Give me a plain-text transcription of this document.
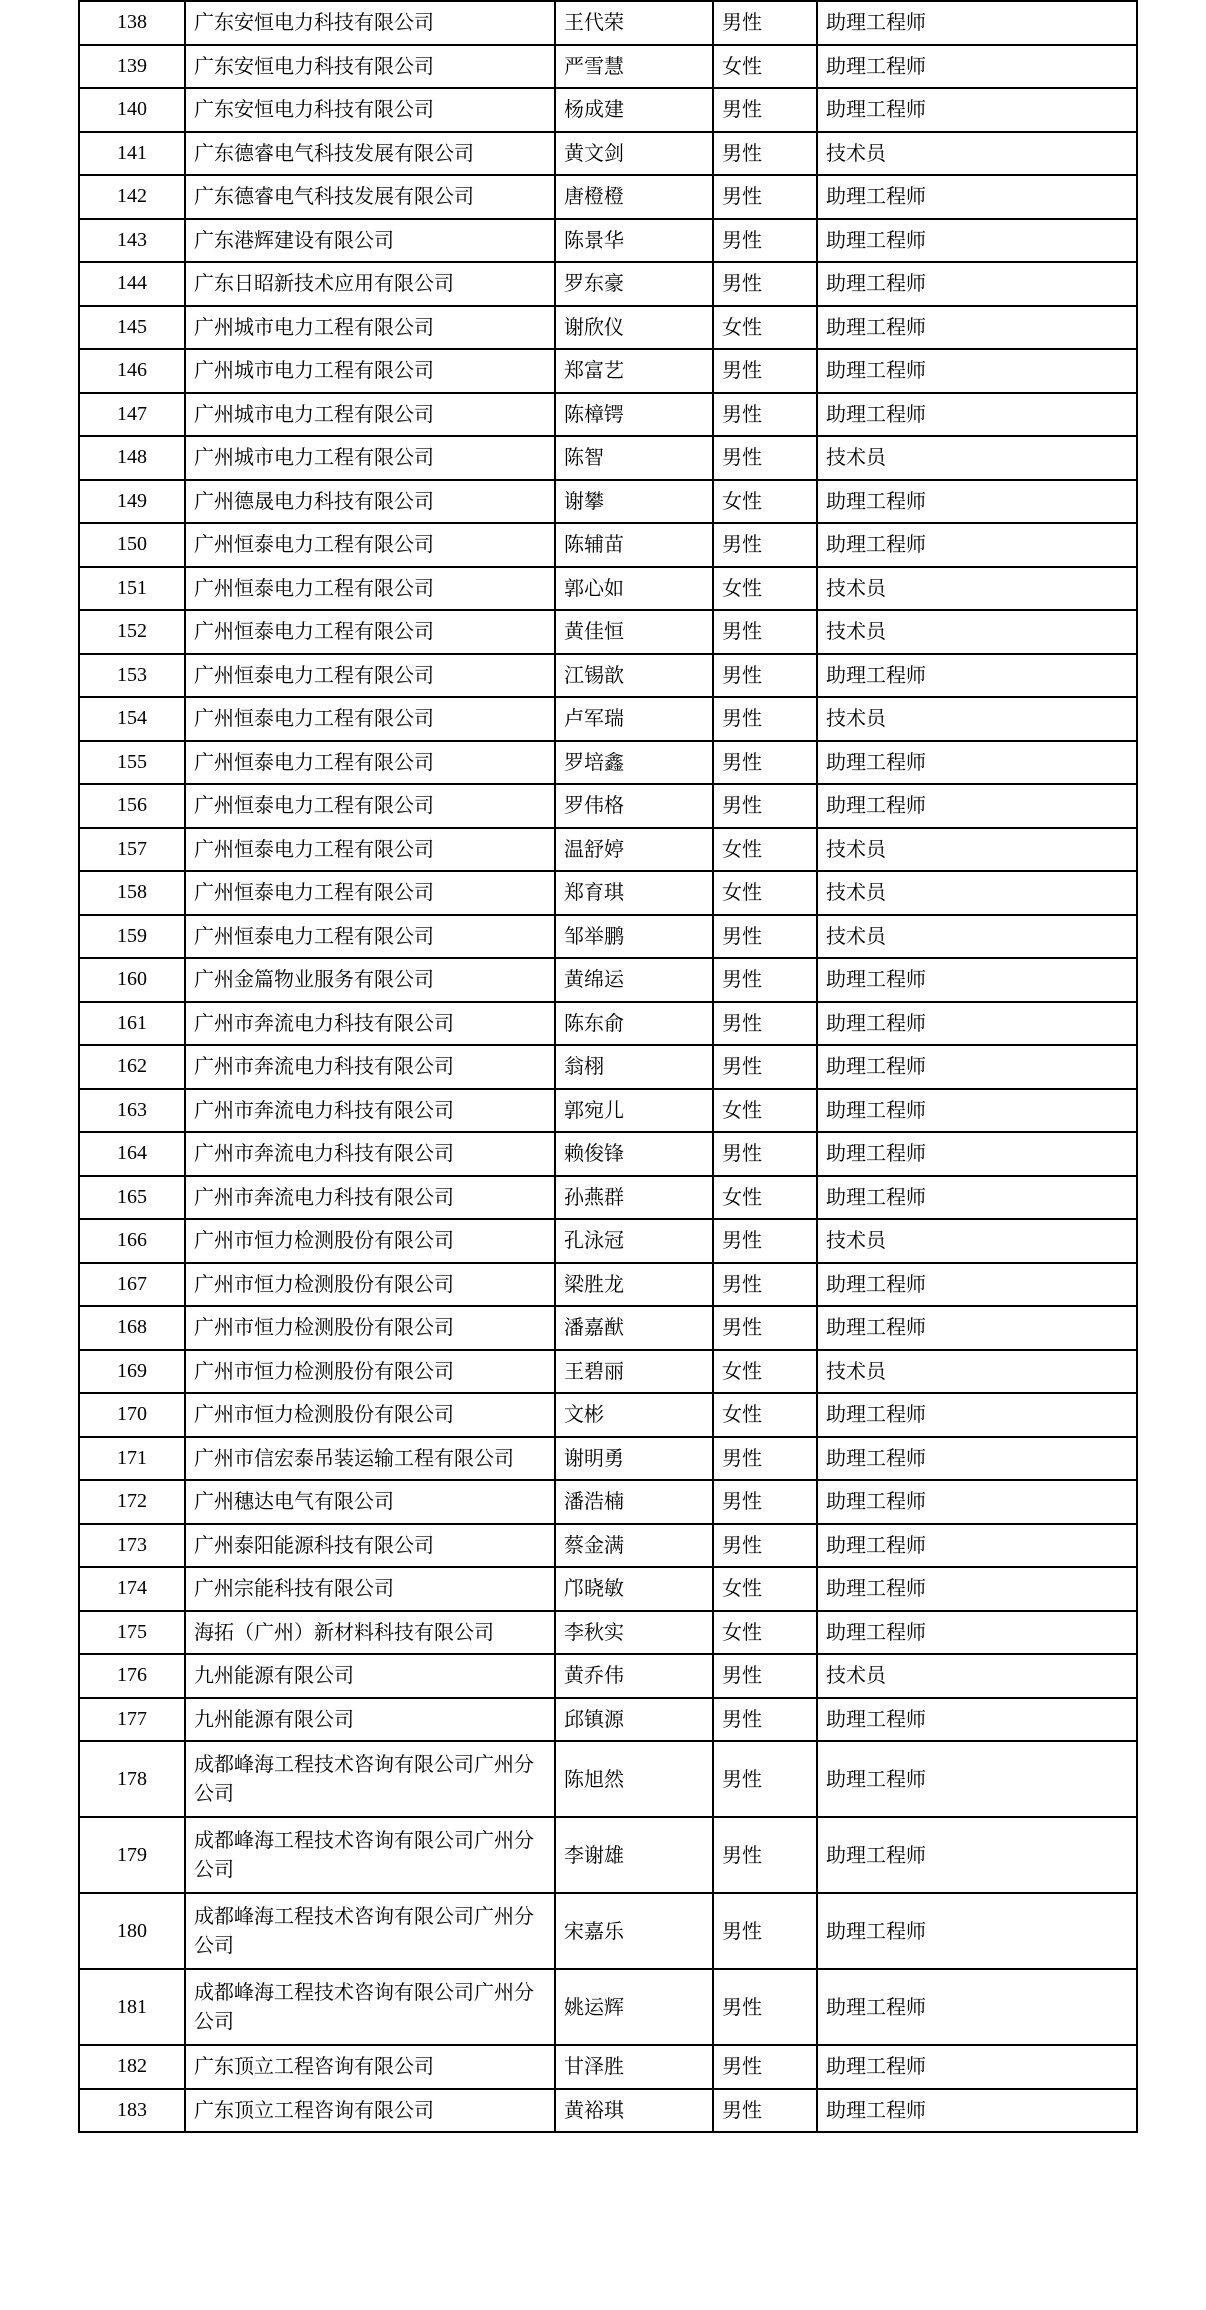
138	广东安恒电力科技有限公司	王代荣	男性	助理工程师
139	广东安恒电力科技有限公司	严雪慧	女性	助理工程师
140	广东安恒电力科技有限公司	杨成建	男性	助理工程师
141	广东德睿电气科技发展有限公司	黄文剑	男性	技术员
142	广东德睿电气科技发展有限公司	唐橙橙	男性	助理工程师
143	广东港辉建设有限公司	陈景华	男性	助理工程师
144	广东日昭新技术应用有限公司	罗东豪	男性	助理工程师
145	广州城市电力工程有限公司	谢欣仪	女性	助理工程师
146	广州城市电力工程有限公司	郑富艺	男性	助理工程师
147	广州城市电力工程有限公司	陈樟锷	男性	助理工程师
148	广州城市电力工程有限公司	陈智	男性	技术员
149	广州德晟电力科技有限公司	谢攀	女性	助理工程师
150	广州恒泰电力工程有限公司	陈辅苗	男性	助理工程师
151	广州恒泰电力工程有限公司	郭心如	女性	技术员
152	广州恒泰电力工程有限公司	黄佳恒	男性	技术员
153	广州恒泰电力工程有限公司	江锡歆	男性	助理工程师
154	广州恒泰电力工程有限公司	卢军瑞	男性	技术员
155	广州恒泰电力工程有限公司	罗培鑫	男性	助理工程师
156	广州恒泰电力工程有限公司	罗伟格	男性	助理工程师
157	广州恒泰电力工程有限公司	温舒婷	女性	技术员
158	广州恒泰电力工程有限公司	郑育琪	女性	技术员
159	广州恒泰电力工程有限公司	邹举鹏	男性	技术员
160	广州金篇物业服务有限公司	黄绵运	男性	助理工程师
161	广州市奔流电力科技有限公司	陈东俞	男性	助理工程师
162	广州市奔流电力科技有限公司	翁栩	男性	助理工程师
163	广州市奔流电力科技有限公司	郭宛儿	女性	助理工程师
164	广州市奔流电力科技有限公司	赖俊锋	男性	助理工程师
165	广州市奔流电力科技有限公司	孙燕群	女性	助理工程师
166	广州市恒力检测股份有限公司	孔泳冠	男性	技术员
167	广州市恒力检测股份有限公司	梁胜龙	男性	助理工程师
168	广州市恒力检测股份有限公司	潘嘉猷	男性	助理工程师
169	广州市恒力检测股份有限公司	王碧丽	女性	技术员
170	广州市恒力检测股份有限公司	文彬	女性	助理工程师
171	广州市信宏泰吊装运输工程有限公司	谢明勇	男性	助理工程师
172	广州穗达电气有限公司	潘浩楠	男性	助理工程师
173	广州泰阳能源科技有限公司	蔡金满	男性	助理工程师
174	广州宗能科技有限公司	邝晓敏	女性	助理工程师
175	海拓（广州）新材料科技有限公司	李秋实	女性	助理工程师
176	九州能源有限公司	黄乔伟	男性	技术员
177	九州能源有限公司	邱镇源	男性	助理工程师
178	成都峰海工程技术咨询有限公司广州分公司	陈旭然	男性	助理工程师
179	成都峰海工程技术咨询有限公司广州分公司	李谢雄	男性	助理工程师
180	成都峰海工程技术咨询有限公司广州分公司	宋嘉乐	男性	助理工程师
181	成都峰海工程技术咨询有限公司广州分公司	姚运辉	男性	助理工程师
182	广东顶立工程咨询有限公司	甘泽胜	男性	助理工程师
183	广东顶立工程咨询有限公司	黄裕琪	男性	助理工程师
